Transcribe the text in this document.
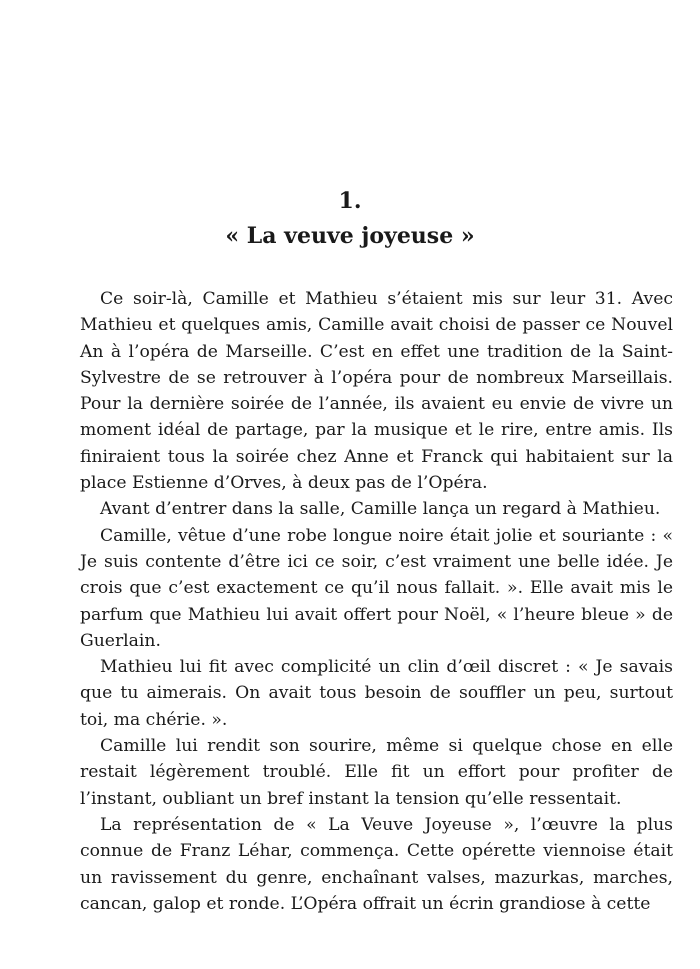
1.
« La veuve joyeuse »

Ce soir-là, Camille et Mathieu s’étaient mis sur leur 31. Avec Mathieu et quelques amis, Camille avait choisi de passer ce Nouvel An à l’opéra de Marseille. C’est en effet une tradition de la Saint-Sylvestre de se retrouver à l’opéra pour de nombreux Marseillais. Pour la dernière soirée de l’année, ils avaient eu envie de vivre un moment idéal de partage, par la musique et le rire, entre amis. Ils finiraient tous la soirée chez Anne et Franck qui habitaient sur la place Estienne d’Orves, à deux pas de l’Opéra.

Avant d’entrer dans la salle, Camille lança un regard à Mathieu.

Camille, vêtue d’une robe longue noire était jolie et souriante : « Je suis contente d’être ici ce soir, c’est vraiment une belle idée. Je crois que c’est exactement ce qu’il nous fallait. ». Elle avait mis le parfum que Mathieu lui avait offert pour Noël, « l’heure bleue » de Guerlain.

Mathieu lui fit avec complicité un clin d’œil discret : « Je savais que tu aimerais. On avait tous besoin de souffler un peu, surtout toi, ma chérie. ».

Camille lui rendit son sourire, même si quelque chose en elle restait légèrement troublé. Elle fit un effort pour profiter de l’instant, oubliant un bref instant la tension qu’elle ressentait.

La représentation de « La Veuve Joyeuse », l’œuvre la plus connue de Franz Léhar, commença. Cette opérette viennoise était un ravissement du genre, enchaînant valses, mazurkas, marches, cancan, galop et ronde. L’Opéra offrait un écrin grandiose à cette
